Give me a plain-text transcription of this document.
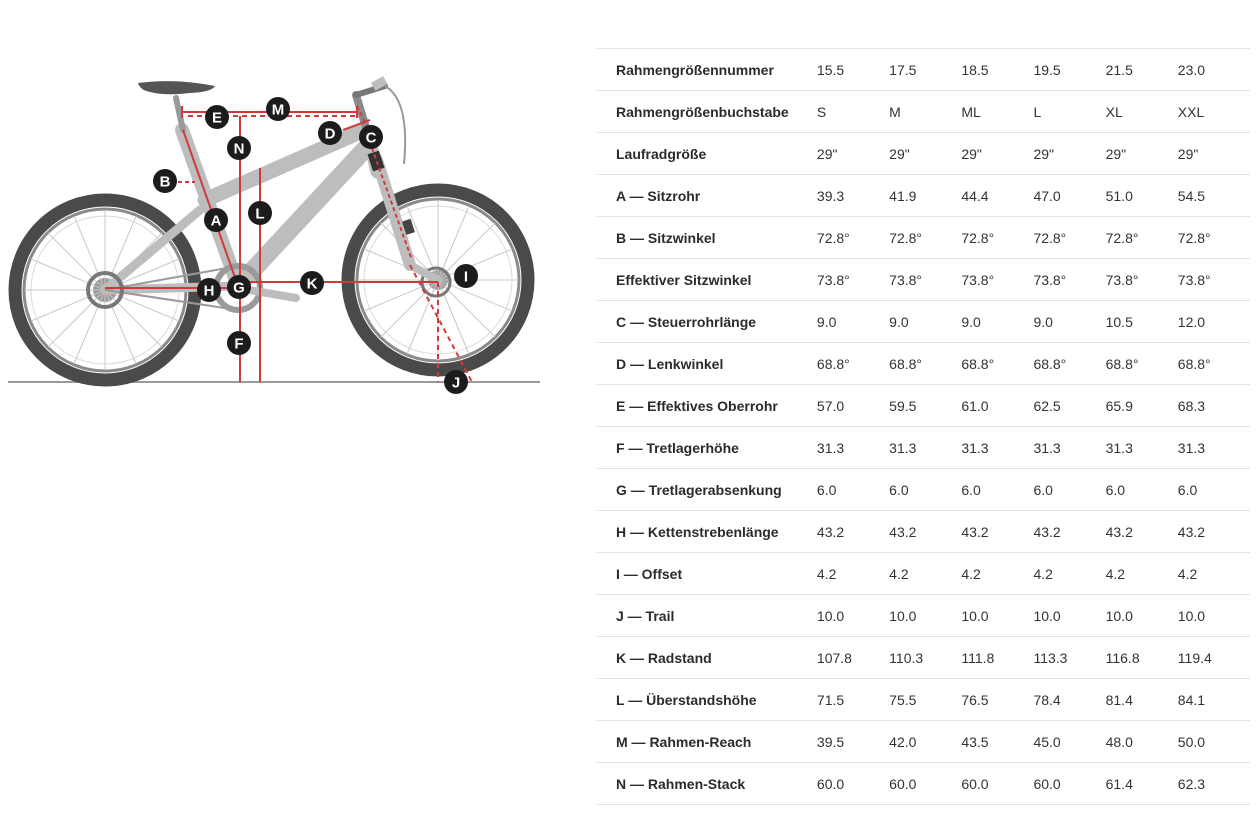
A
B
C
D
E
F
G
H
I
J
K
L
M
N
Rahmengrößennummer	15.5	17.5	18.5	19.5	21.5	23.0
Rahmengrößenbuchstabe	S	M	ML	L	XL	XXL
Laufradgröße	29"	29"	29"	29"	29"	29"
A — Sitzrohr	39.3	41.9	44.4	47.0	51.0	54.5
B — Sitzwinkel	72.8°	72.8°	72.8°	72.8°	72.8°	72.8°
Effektiver Sitzwinkel	73.8°	73.8°	73.8°	73.8°	73.8°	73.8°
C — Steuerrohrlänge	9.0	9.0	9.0	9.0	10.5	12.0
D — Lenkwinkel	68.8°	68.8°	68.8°	68.8°	68.8°	68.8°
E — Effektives Oberrohr	57.0	59.5	61.0	62.5	65.9	68.3
F — Tretlagerhöhe	31.3	31.3	31.3	31.3	31.3	31.3
G — Tretlagerabsenkung	6.0	6.0	6.0	6.0	6.0	6.0
H — Kettenstrebenlänge	43.2	43.2	43.2	43.2	43.2	43.2
I — Offset	4.2	4.2	4.2	4.2	4.2	4.2
J — Trail	10.0	10.0	10.0	10.0	10.0	10.0
K — Radstand	107.8	110.3	111.8	113.3	116.8	119.4
L — Überstandshöhe	71.5	75.5	76.5	78.4	81.4	84.1
M — Rahmen-Reach	39.5	42.0	43.5	45.0	48.0	50.0
N — Rahmen-Stack	60.0	60.0	60.0	60.0	61.4	62.3
